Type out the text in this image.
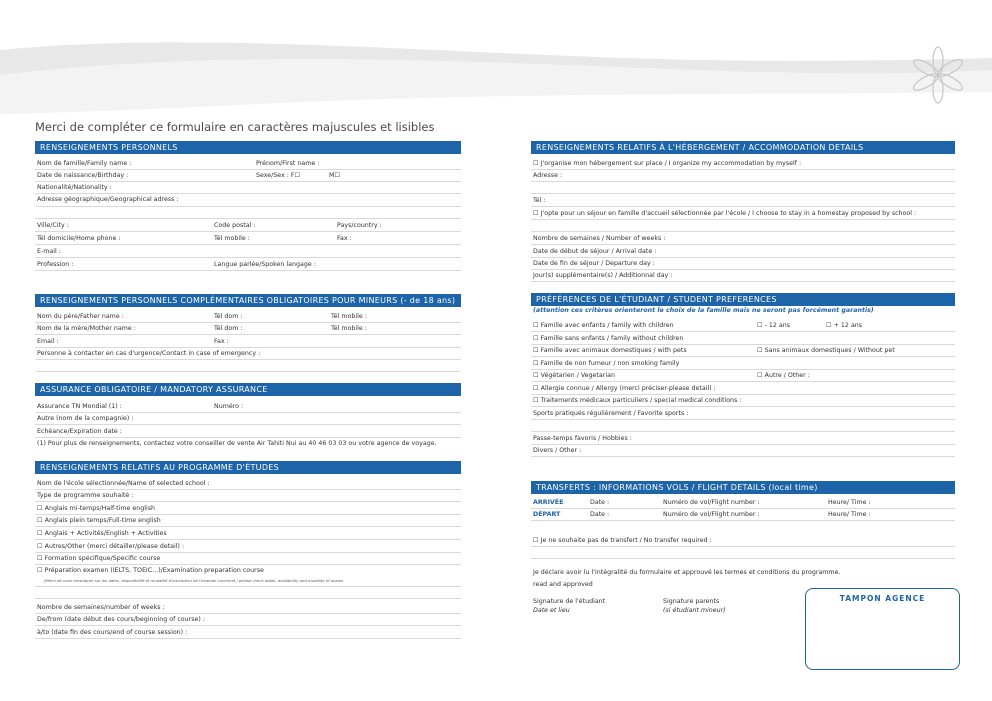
Merci de compléter ce formulaire en caractères majuscules et lisibles
RENSEIGNEMENTS PERSONNELS
Nom de famille/Family name :	Prénom/First name :
Date de naissance/Birthday :	Sexe/Sex : F☐	M☐
Nationalité/Nationality :
Adresse géographique/Geographical adress :
Ville/City :	Code postal :	Pays/country :
Tél domicile/Home phone :	Tél mobile :	Fax :
E-mail :
Profession :	Langue parlée/Spoken langage :
RENSEIGNEMENTS PERSONNELS COMPLÉMENTAIRES OBLIGATOIRES POUR MINEURS (- de 18 ans)
Nom du père/Father name :	Tél dom :	Tél mobile :
Nom de la mère/Mother name :	Tél dom :	Tél mobile :
Email :	Fax :
Personne à contacter en cas d'urgence/Contact in case of emergency :
ASSURANCE OBLIGATOIRE / MANDATORY ASSURANCE
Assurance TN Mondial (1) :	Numéro :
Autre (nom de la compagnie) :
Echéance/Expiration date :
(1) Pour plus de renseignements, contactez votre conseiller de vente Air Tahiti Nui au 40 46 03 03 ou votre agence de voyage.
RENSEIGNEMENTS RELATIFS AU PROGRAMME D'ÉTUDES
Nom de l'école sélectionnée/Name of selected school :
Type de programme souhaité :
☐ Anglais mi-temps/Half-time english
☐ Anglais plein temps/Full-time english
☐ Anglais + Activités/English + Activities
☐ Autres/Other (merci détailler/please detail) :
☐ Formation spécifique/Specific course
☐ Préparation examen (IELTS, TOEIC...)/Examination preparation course
(Merci de vous renseigner sur les dates, disponibilité et modalité d'inscription de l'examen concerné / please check dates, availability and modality of exams
Nombre de semaines/number of weeks :
De/from (date début des cours/beginning of course) :
à/to (date fin des cours/end of course session) :
RENSEIGNEMENTS RELATIFS À L'HÉBERGEMENT / ACCOMMODATION DETAILS
☐ J'organise mon hébergement sur place / I organize my accommodation by myself :
Adresse :
Tél :
☐ J'opte pour un séjour en famille d'accueil sélectionnée par l'école / I choose to stay in a homestay proposed by school :
Nombre de semaines / Number of weeks :
Date de début de séjour / Arrival date :
Date de fin de séjour / Departure day :
Jour(s) supplémentaire(s) / Additionnal day :
PRÉFÉRENCES DE L'ÉTUDIANT / STUDENT PREFERENCES
(attention ces critères orienteront le choix de la famille mais ne seront pas forcément garantis)
☐ Famille avec enfants / family with children	☐ - 12 ans	☐ + 12 ans
☐ Famille sans enfants / family without children
☐ Famille avec animaux domestiques / with pets	☐ Sans animaux domestiques / Without pet
☐ Famille de non fumeur / non smoking family
☐ Végétarien / Vegetarian	☐ Autre / Other :
☐ Allergie connue / Allergy (merci préciser-please detail) :
☐ Traitements médicaux particuliers / special medical conditions :
Sports pratiqués régulièrement / Favorite sports :
Passe-temps favoris / Hobbies :
Divers / Other :
TRANSFERTS : INFORMATIONS VOLS / FLIGHT DETAILS (local time)
ARRIVÉE	Date :	Numéro de vol/Flight number :	Heure/ Time :
DÉPART	Date :	Numéro de vol/Flight number :	Heure/ Time :
☐ Je ne souhaite pas de transfert / No transfer required :
Je déclare avoir lu l'intégralité du formulaire et approuvé les termes et conditions du programme.
read and approved
Signature de l'étudiant
Date et lieu
Signature parents
(si étudiant mineur)
TAMPON AGENCE
